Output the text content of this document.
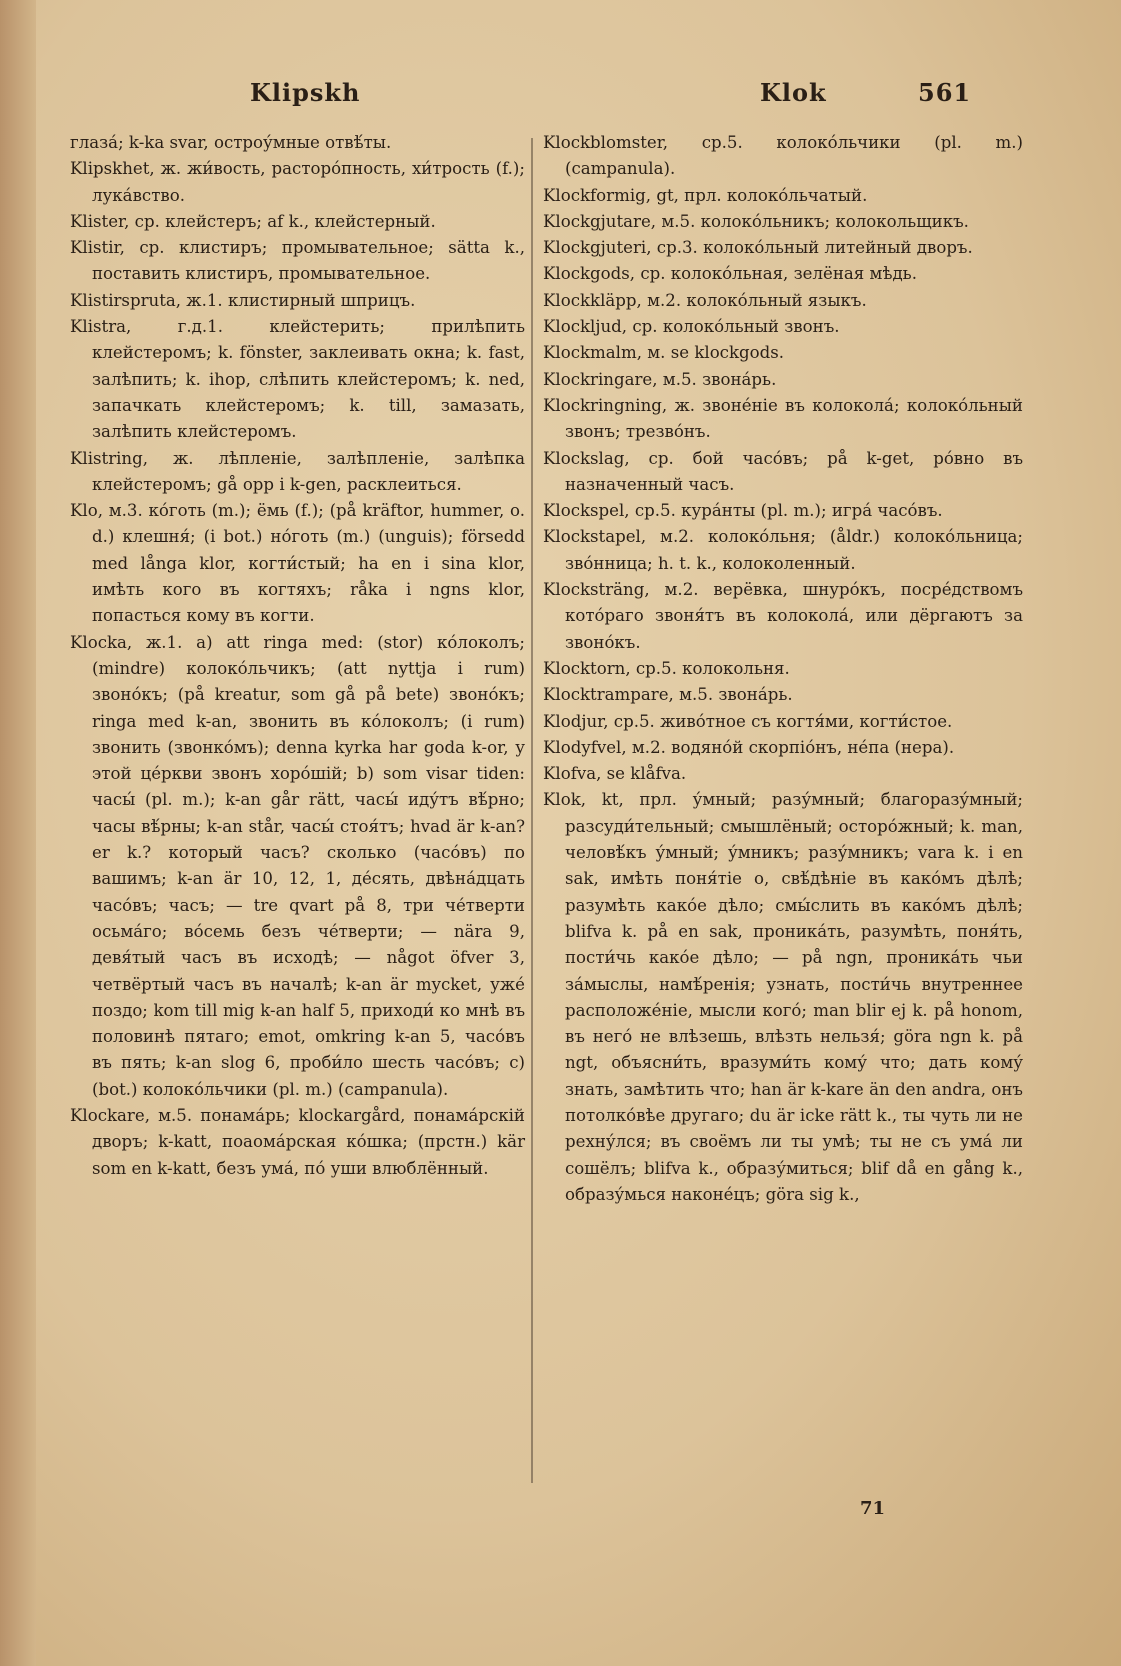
Klipskh	Klok	561

глаза́; k-ka svar, остроу́мные отвѣ́ты.

Klipskhet, ж. жи́вость, расторо́пность, хи́трость (f.); лука́вство.

Klister, ср. клейстеръ; af k., клейстерный.

Klistir, ср. клистиръ; промывательное; sätta k., поставить клистиръ, промывательное.

Klistirspruta, ж.1. клистирный шприцъ.

Klistra, г.д.1. клейстерить; прилѣпить клейстеромъ; k. fönster, заклеивать окна; k. fast, залѣпить; k. ihop, слѣпить клейстеромъ; k. ned, запачкать клейстеромъ; k. till, замазать, залѣпить клейстеромъ.

Klistring, ж. лѣпленіе, залѣпленіе, залѣпка клейстеромъ; gå opp i k-gen, расклеиться.

Klo, м.3. ко́готь (m.); ёмь (f.); (på kräftor, hummer, o. d.) клешня́; (i bot.) но́готь (m.) (unguis); försedd med långa klor, когти́стый; ha en i sina klor, имѣть кого въ когтяхъ; råka i ngns klor, попасться кому въ когти.

Klocka, ж.1. a) att ringa med: (stor) ко́локолъ; (mindre) колоко́льчикъ; (att nyttja i rum) звоно́къ; (på kreatur, som gå på bete) звоно́къ; ringa med k-an, звонить въ ко́локолъ; (i rum) звонить (звонко́мъ); denna kyrka har goda k-or, у этой це́ркви звонъ хоро́шій; b) som visar tiden: часы́ (pl. m.); k-an går rätt, часы́ иду́тъ вѣ́рно; часы вѣ́рны; k-an står, часы́ стоя́тъ; hvad är k-an? er k.? который часъ? сколько (часо́въ) по вашимъ; k-an är 10, 12, 1, де́сять, двѣна́дцать часо́въ; часъ; — tre qvart på 8, три че́тверти осьма́го; во́семь безъ че́тверти; — nära 9, девя́тый часъ въ исходѣ; — något öfver 3, четвёртый часъ въ началѣ; k-an är mycket, уже́ поздо; kom till mig k-an half 5, приходи́ ко мнѣ въ половинѣ пятаго; emot, omkring k-an 5, часо́въ въ пять; k-an slog 6, проби́ло шесть часо́въ; c) (bot.) колоко́льчики (pl. m.) (campanula).

Klockare, м.5. понама́рь; klockargård, понама́рскій дворъ; k-katt, поаома́рская ко́шка; (прстн.) kär som en k-katt, безъ ума́, по́ уши влюблённый.

Klockblomster, ср.5. колоко́льчики (pl. m.) (campanula).

Klockformig, gt, прл. колоко́льчатый.

Klockgjutare, м.5. колоко́льникъ; колокольщикъ.

Klockgjuteri, ср.3. колоко́льный литейный дворъ.

Klockgods, ср. колоко́льная, зелёная мѣдь.

Klockkläpp, м.2. колоко́льный языкъ.

Klockljud, ср. колоко́льный звонъ.

Klockmalm, м. se klockgods.

Klockringare, м.5. звона́рь.

Klockringning, ж. звоне́ніе въ колокола́; колоко́льный звонъ; трезво́нъ.

Klockslag, ср. бой часо́въ; på k-get, ро́вно въ назначенный часъ.

Klockspel, ср.5. кура́нты (pl. m.); игра́ часо́въ.

Klockstapel, м.2. колоко́льня; (åldr.) колоко́льница; зво́нница; h. t. k., колоколенный.

Klocksträng, м.2. верёвка, шнуро́къ, посре́дствомъ кото́раго звоня́тъ въ колокола́, или дёргаютъ за звоно́къ.

Klocktorn, ср.5. колокольня.

Klocktrampare, м.5. звона́рь.

Klodjur, ср.5. живо́тное съ когтя́ми, когти́стое.

Klodyfvel, м.2. водяно́й скорпіо́нъ, не́па (нера).

Klofva, se klåfva.

Klok, kt, прл. у́мный; разу́мный; благоразу́мный; разсуди́тельный; смышлёный; осторо́жный; k. man, человѣ́къ у́мный; у́мникъ; разу́мникъ; vara k. i en sak, имѣть поня́тіе о, свѣ́дѣніе въ како́мъ дѣлѣ; разумѣть како́е дѣло; смы́слить въ како́мъ дѣлѣ; blifva k. på en sak, проника́ть, разумѣть, поня́ть, пости́чь како́е дѣло; — på ngn, проника́ть чьи за́мыслы, намѣ́ренія; узнать, пости́чь внутреннее расположе́ніе, мысли кого́; man blir ej k. på honom, въ него́ не влѣзешь, влѣзть нельзя́; göra ngn k. på ngt, объясни́ть, вразуми́ть кому́ что; дать кому́ знать, замѣтить что; han är k-kare än den andra, онъ потолко́вѣе другаго; du är icke rätt k., ты чуть ли не рехну́лся; въ своёмъ ли ты умѣ; ты не съ ума́ ли сошёлъ; blifva k., образу́миться; blif då en gång k., образу́мься наконе́цъ; göra sig k.,

71
